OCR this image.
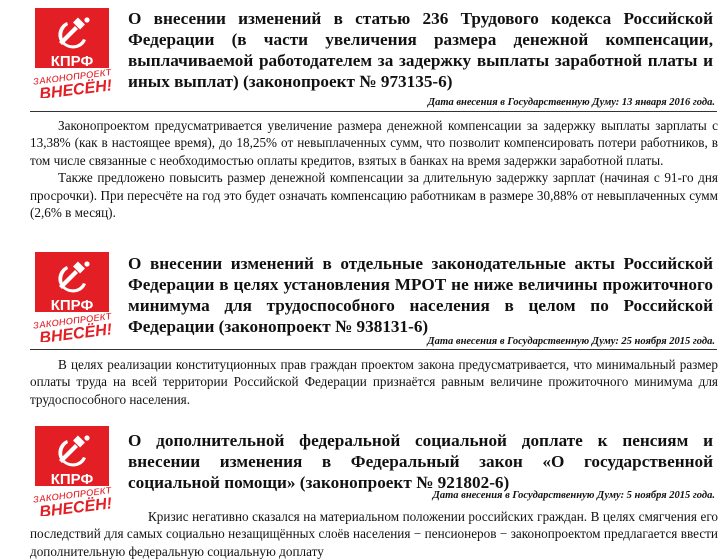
О внесении изменений в статью 236 Трудового кодекса Российской Федерации (в части увеличения размера денежной компенсации, выплачиваемой работодателем за задержку выплаты заработной платы и иных выплат) (законопроект № 973135-6)

Дата внесения в Государственную Думу: 13 января 2016 года.

Законопроектом предусматривается увеличение размера денежной компенсации за задержку выплаты зарплаты с 13,38% (как в настоящее время), до 18,25% от невыплаченных сумм, что позволит компенсировать потери работников, в том числе связанные с необходимостью оплаты кредитов, взятых в банках на время задержки заработной платы.

Также предложено повысить размер денежной компенсации за длительную задержку зарплат (начиная с 91-го дня просрочки). При пересчёте на год это будет означать компенсацию работникам в размере 30,88% от невыплаченных сумм (2,6% в месяц).

О внесении изменений в отдельные законодательные акты Российской Федерации в целях установления МРОТ не ниже величины прожиточного минимума для трудоспособного населения в целом по Российской Федерации (законопроект № 938131-6)

Дата внесения в Государственную Думу: 25 ноября 2015 года.

В целях реализации конституционных прав граждан проектом закона предусматривается, что минимальный размер оплаты труда на всей территории Российской Федерации признаётся равным величине прожиточного минимума для трудоспособного населения.

О дополнительной федеральной социальной доплате к пенсиям и внесении изменения в Федеральный закон «О государственной социальной помощи» (законопроект № 921802-6)

Дата внесения в Государственную Думу: 5 ноября 2015 года.

Кризис негативно сказался на материальном положении российских граждан. В целях смягчения его последствий для самых социально незащищённых слоёв населения − пенсионеров − законопроектом предлагается ввести дополнительную федеральную социальную доплату
